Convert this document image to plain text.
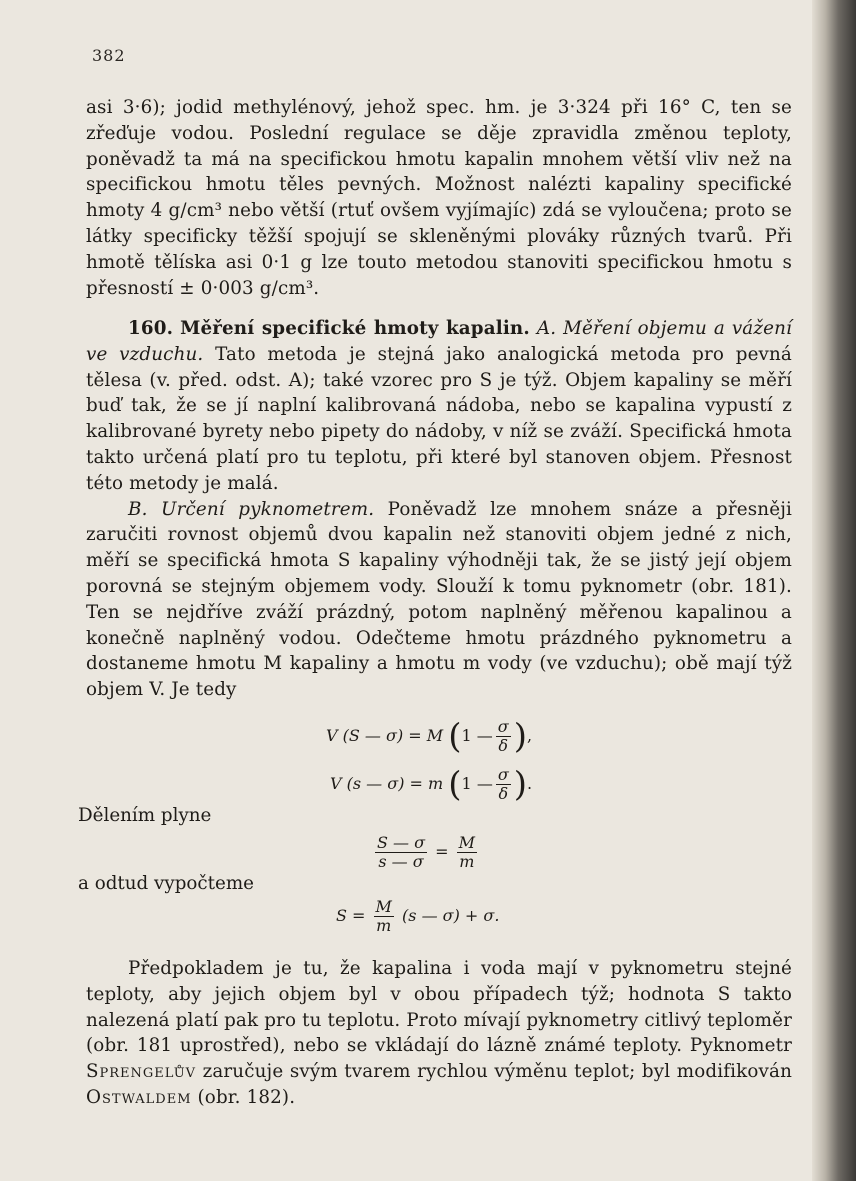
382

asi 3·6); jodid methylénový, jehož spec. hm. je 3·324 při 16° C, ten se zřeďuje vodou. Poslední regulace se děje zpravidla změnou teploty, poněvadž ta má na specifickou hmotu kapalin mnohem větší vliv než na specifickou hmotu těles pevných. Možnost nalézti kapaliny specifické hmoty 4 g/cm³ nebo větší (rtuť ovšem vyjímajíc) zdá se vyloučena; proto se látky specificky těžší spojují se skleněnými plováky různých tvarů. Při hmotě tělíska asi 0·1 g lze touto metodou stanoviti specifickou hmotu s přesností ± 0·003 g/cm³.

160. Měření specifické hmoty kapalin. A. Měření objemu a vážení ve vzduchu. Tato metoda je stejná jako analogická metoda pro pevná tělesa (v. před. odst. A); také vzorec pro S je týž. Objem kapaliny se měří buď tak, že se jí naplní kalibrovaná nádoba, nebo se kapalina vypustí z kalibrované byrety nebo pipety do nádoby, v níž se zváží. Specifická hmota takto určená platí pro tu teplotu, při které byl stanoven objem. Přesnost této metody je malá.

B. Určení pyknometrem. Poněvadž lze mnohem snáze a přesněji zaručiti rovnost objemů dvou kapalin než stanoviti objem jedné z nich, měří se specifická hmota S kapaliny výhodněji tak, že se jistý její objem porovná se stejným objemem vody. Slouží k tomu pyknometr (obr. 181). Ten se nejdříve zváží prázdný, potom naplněný měřenou kapalinou a konečně naplněný vodou. Odečteme hmotu prázdného pyknometru a dostaneme hmotu M kapaliny a hmotu m vody (ve vzduchu); obě mají týž objem V. Je tedy

V (S — σ) = M (1 — $\frac{\sigma}{\delta}$ ),
V (s — σ) = m (1 — $\frac{\sigma}{\delta}$ ).
Dělením plyne
$\frac{S — \sigma}{s — \sigma} = \frac{M}{m}$
a odtud vypočteme
$S = \frac{M}{m} (s$ — σ) + σ.

Předpokladem je tu, že kapalina i voda mají v pyknometru stejné teploty, aby jejich objem byl v obou případech týž; hodnota S takto nalezená platí pak pro tu teplotu. Proto mívají pyknometry citlivý teploměr (obr. 181 uprostřed), nebo se vkládají do lázně známé teploty. Pyknometr Sprengelův zaručuje svým tvarem rychlou výměnu teplot; byl modifikován Ostwaldem (obr. 182).
